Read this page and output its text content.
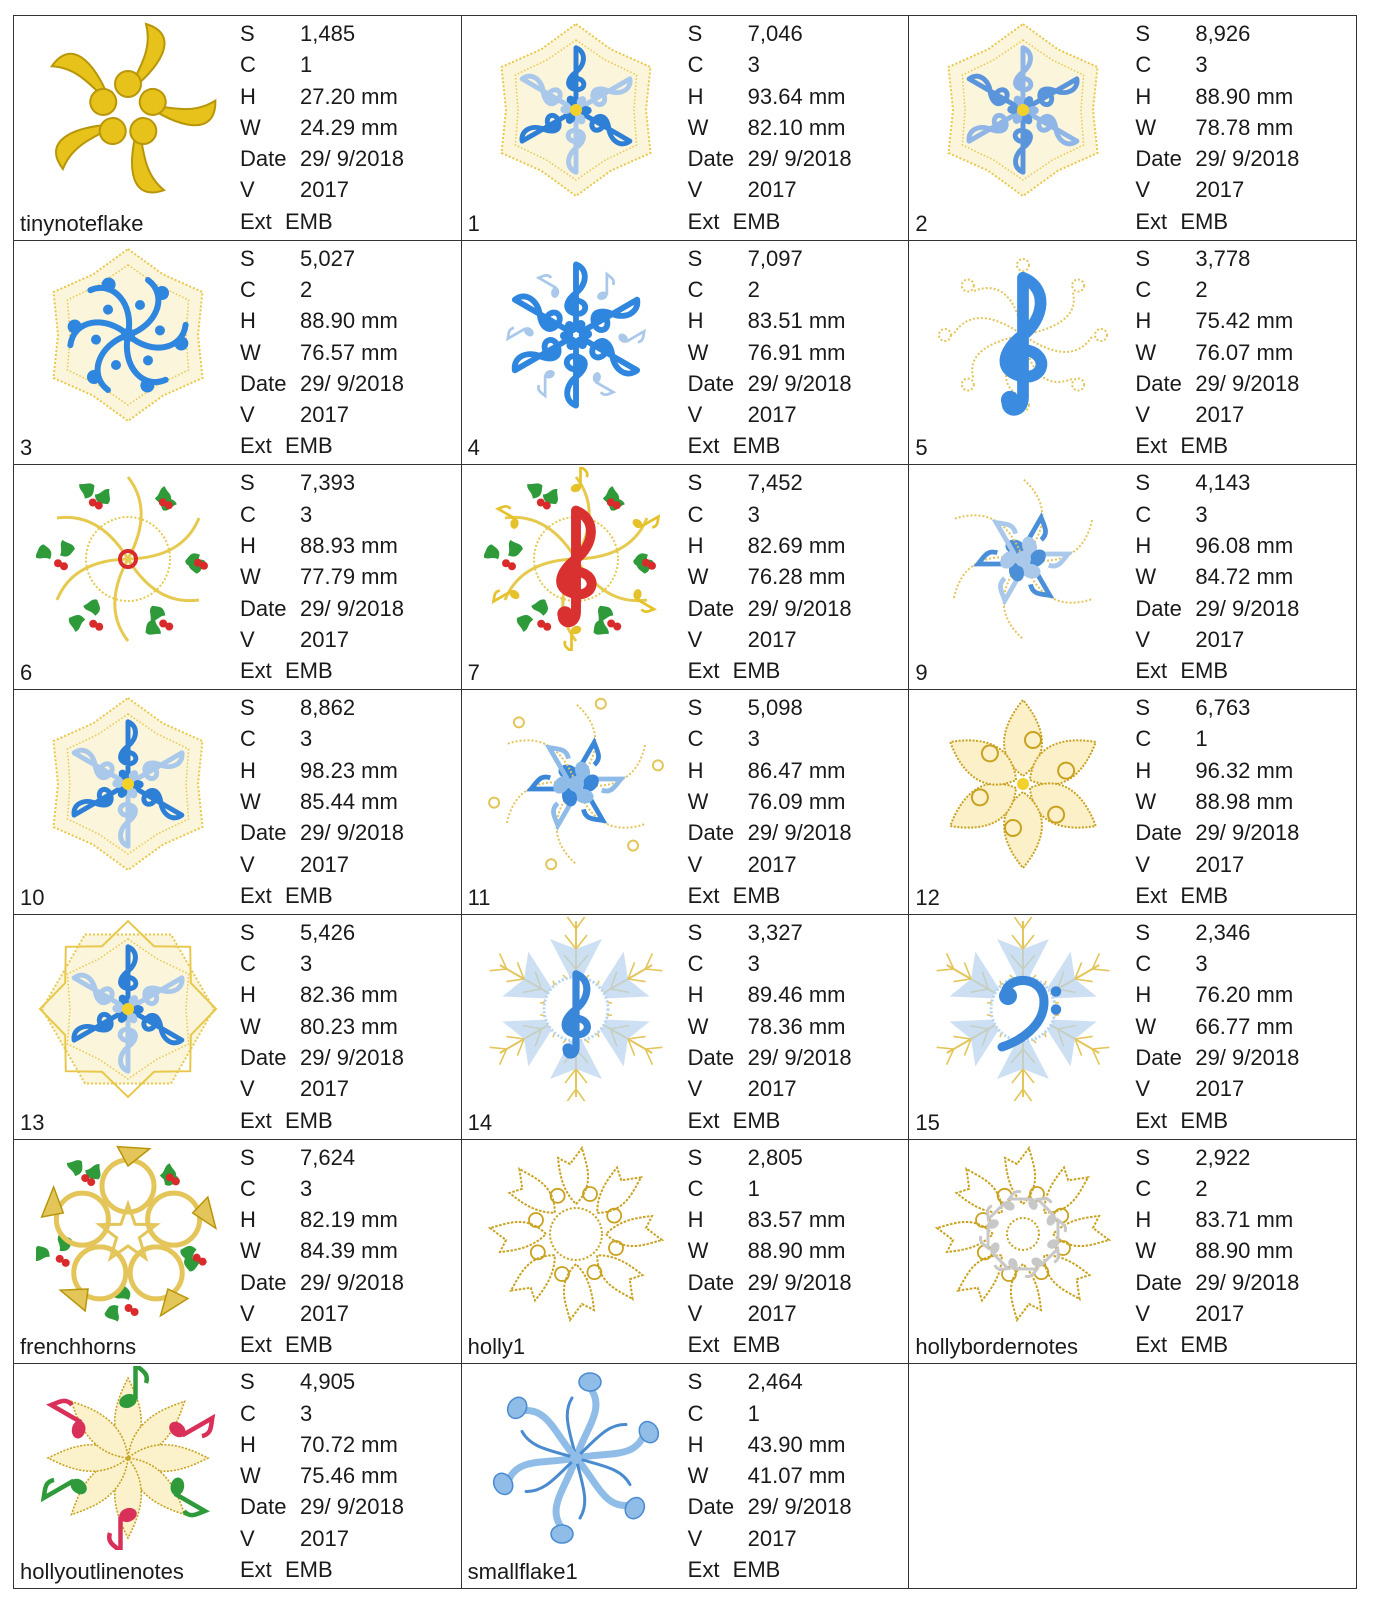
tinynoteflake
S	1,485
C	1
H	27.20 mm
W	24.29 mm
Date 29/ 9/2018
V	2017
Ext EMB	1
S	7,046
C	3
H	93.64 mm
W	82.10 mm
Date 29/ 9/2018
V	2017
Ext EMB	2
S	8,926
C	3
H	88.90 mm
W	78.78 mm
Date 29/ 9/2018
V	2017
Ext EMB
3
S	5,027
C	2
H	88.90 mm
W	76.57 mm
Date 29/ 9/2018
V	2017
Ext EMB	4
S	7,097
C	2
H	83.51 mm
W	76.91 mm
Date 29/ 9/2018
V	2017
Ext EMB	5
S	3,778
C	2
H	75.42 mm
W	76.07 mm
Date 29/ 9/2018
V	2017
Ext EMB
6
S	7,393
C	3
H	88.93 mm
W	77.79 mm
Date 29/ 9/2018
V	2017
Ext EMB	7
S	7,452
C	3
H	82.69 mm
W	76.28 mm
Date 29/ 9/2018
V	2017
Ext EMB	9
S	4,143
C	3
H	96.08 mm
W	84.72 mm
Date 29/ 9/2018
V	2017
Ext EMB
10
S	8,862
C	3
H	98.23 mm
W	85.44 mm
Date 29/ 9/2018
V	2017
Ext EMB	11
S	5,098
C	3
H	86.47 mm
W	76.09 mm
Date 29/ 9/2018
V	2017
Ext EMB	12
S	6,763
C	1
H	96.32 mm
W	88.98 mm
Date 29/ 9/2018
V	2017
Ext EMB
13
S	5,426
C	3
H	82.36 mm
W	80.23 mm
Date 29/ 9/2018
V	2017
Ext EMB	14
S	3,327
C	3
H	89.46 mm
W	78.36 mm
Date 29/ 9/2018
V	2017
Ext EMB	15
S	2,346
C	3
H	76.20 mm
W	66.77 mm
Date 29/ 9/2018
V	2017
Ext EMB
frenchhorns
S	7,624
C	3
H	82.19 mm
W	84.39 mm
Date 29/ 9/2018
V	2017
Ext EMB	holly1
S	2,805
C	1
H	83.57 mm
W	88.90 mm
Date 29/ 9/2018
V	2017
Ext EMB	hollybordernotes
S	2,922
C	2
H	83.71 mm
W	88.90 mm
Date 29/ 9/2018
V	2017
Ext EMB
hollyoutlinenotes
S	4,905
C	3
H	70.72 mm
W	75.46 mm
Date 29/ 9/2018
V	2017
Ext EMB	smallflake1
S	2,464
C	1
H	43.90 mm
W	41.07 mm
Date 29/ 9/2018
V	2017
Ext EMB
